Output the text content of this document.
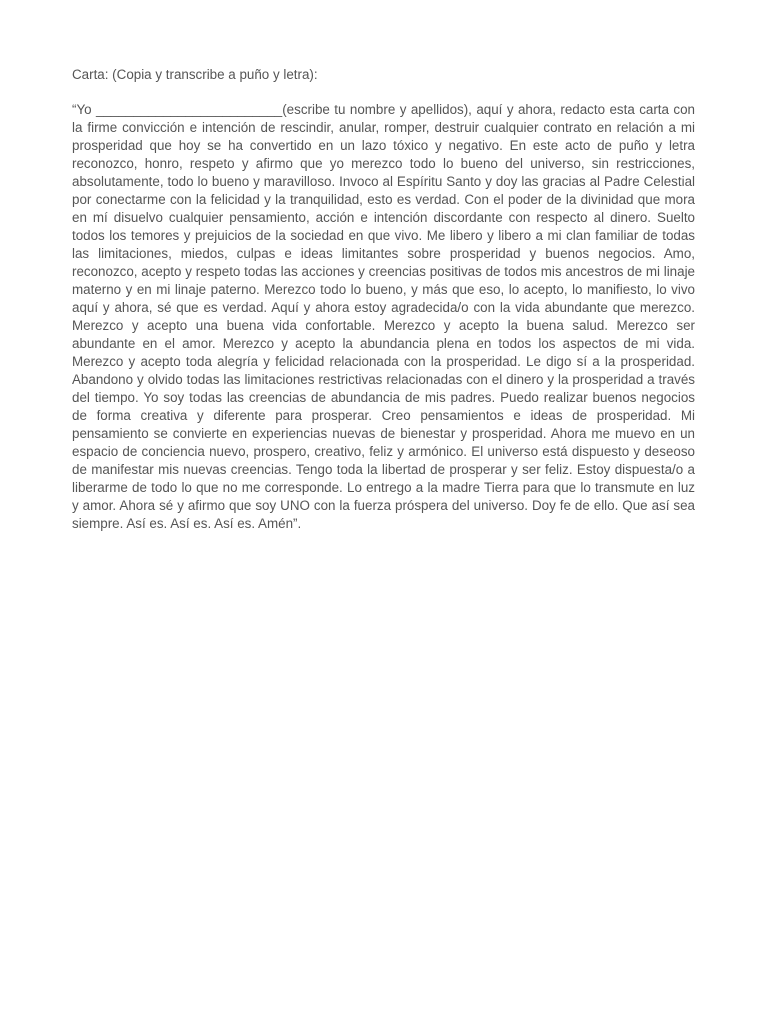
Carta: (Copia y transcribe a puño y letra):

“Yo _________________________(escribe tu nombre y apellidos), aquí y ahora, redacto esta carta con la firme convicción e intención de rescindir, anular, romper, destruir cualquier contrato en relación a mi prosperidad que hoy se ha convertido en un lazo tóxico y negativo. En este acto de puño y letra reconozco, honro, respeto y afirmo que yo merezco todo lo bueno del universo, sin restricciones, absolutamente, todo lo bueno y maravilloso. Invoco al Espíritu Santo y doy las gracias al Padre Celestial por conectarme con la felicidad y la tranquilidad, esto es verdad. Con el poder de la divinidad que mora en mí disuelvo cualquier pensamiento, acción e intención discordante con respecto al dinero. Suelto todos los temores y prejuicios de la sociedad en que vivo. Me libero y libero a mi clan familiar de todas las limitaciones, miedos, culpas e ideas limitantes sobre prosperidad y buenos negocios. Amo, reconozco, acepto y respeto todas las acciones y creencias positivas de todos mis ancestros de mi linaje materno y en mi linaje paterno. Merezco todo lo bueno, y más que eso, lo acepto, lo manifiesto, lo vivo aquí y ahora, sé que es verdad. Aquí y ahora estoy agradecida/o con la vida abundante que merezco. Merezco y acepto una buena vida confortable. Merezco y acepto la buena salud. Merezco ser abundante en el amor. Merezco y acepto la abundancia plena en todos los aspectos de mi vida. Merezco y acepto toda alegría y felicidad relacionada con la prosperidad. Le digo sí a la prosperidad. Abandono y olvido todas las limitaciones restrictivas relacionadas con el dinero y la prosperidad a través del tiempo. Yo soy todas las creencias de abundancia de mis padres. Puedo realizar buenos negocios de forma creativa y diferente para prosperar. Creo pensamientos e ideas de prosperidad. Mi pensamiento se convierte en experiencias nuevas de bienestar y prosperidad. Ahora me muevo en un espacio de conciencia nuevo, prospero, creativo, feliz y armónico. El universo está dispuesto y deseoso de manifestar mis nuevas creencias. Tengo toda la libertad de prosperar y ser feliz. Estoy dispuesta/o a liberarme de todo lo que no me corresponde. Lo entrego a la madre Tierra para que lo transmute en luz y amor. Ahora sé y afirmo que soy UNO con la fuerza próspera del universo. Doy fe de ello. Que así sea siempre. Así es. Así es. Así es. Amén”.
